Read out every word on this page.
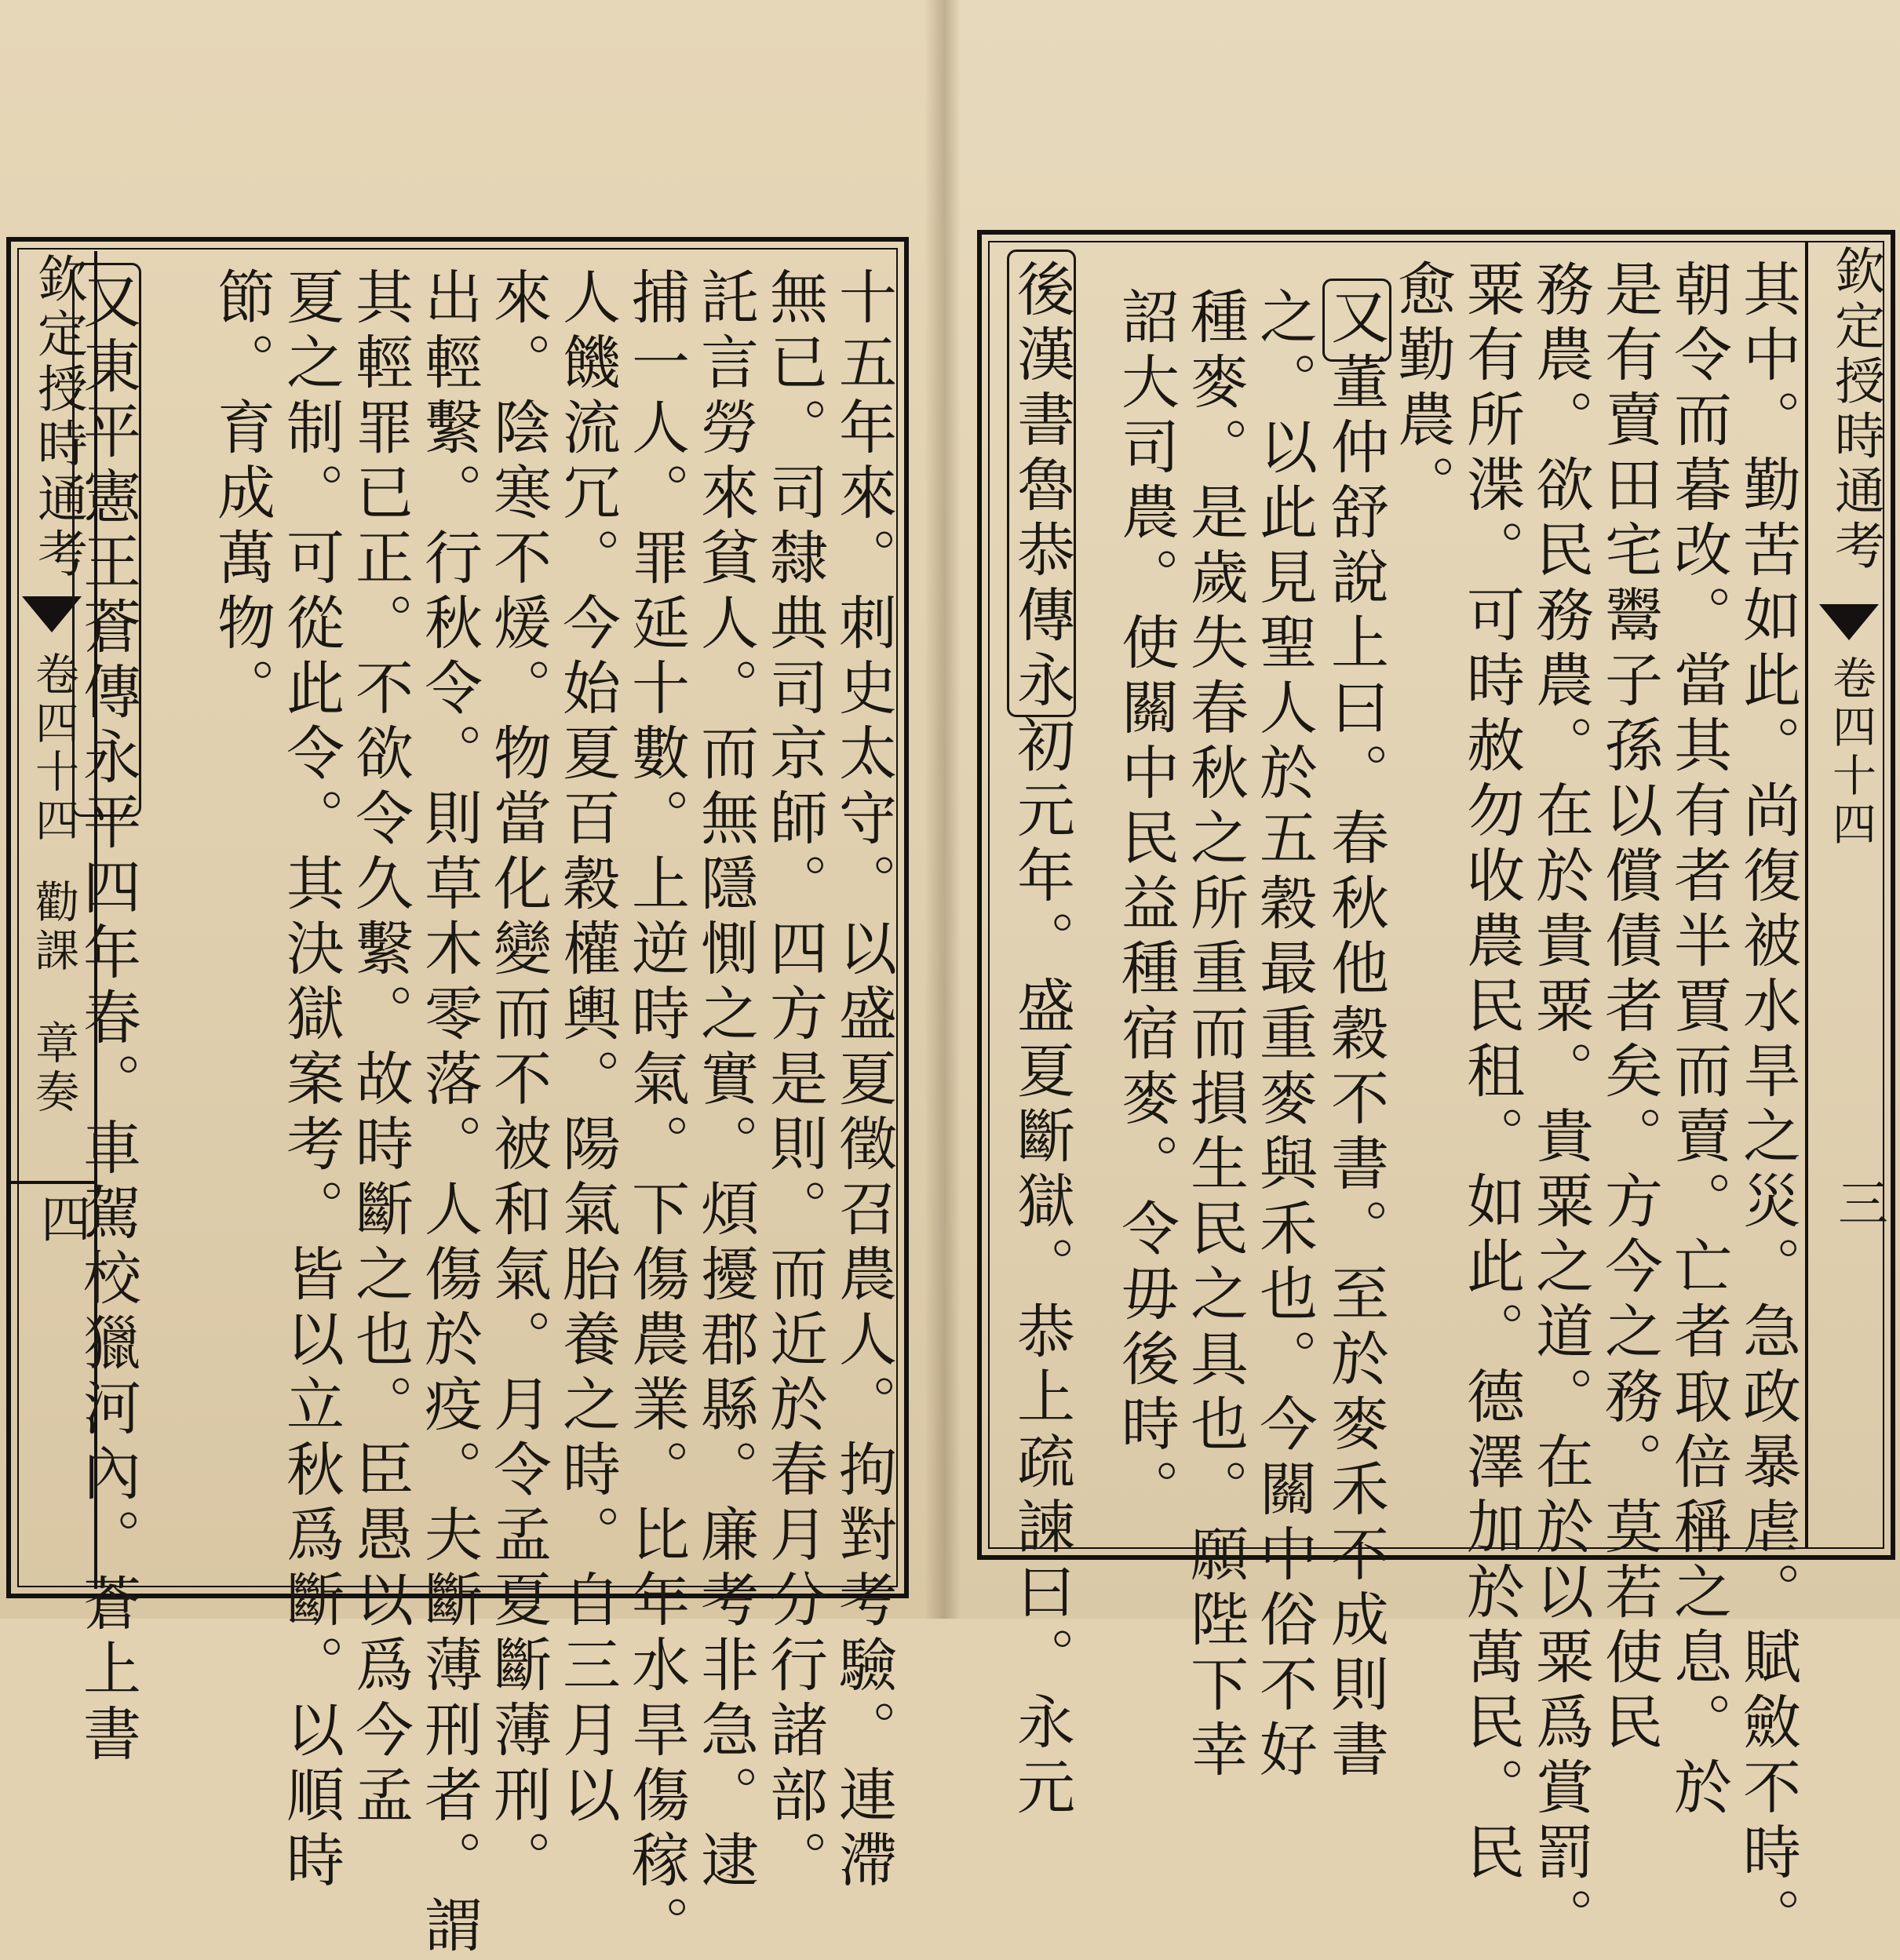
欽定授時通考
卷四十四
勸課
章奏
四
又東平憲王蒼傳永平四年春。車駕校獵河內。蒼上書	十五年來。刺史太守。以盛夏徵召農人。拘對考驗。連滯
無已。司隸典司京師。四方是則。而近於春月分行諸部。
託言勞來貧人。而無隱惻之實。煩擾郡縣。廉考非急。逮
捕一人。罪延十數。上逆時氣。下傷農業。比年水旱傷稼。
人饑流冗。今始夏百穀權輿。陽氣胎養之時。自三月以
來。陰寒不煖。物當化變而不被和氣。月令孟夏斷薄刑。
出輕繫。行秋令。則草木零落。人傷於疫。夫斷薄刑者。謂
其輕罪已正。不欲令久繫。故時斷之也。臣愚以爲今孟
夏之制。可從此令。其決獄案考。皆以立秋爲斷。以順時
節。育成萬物。	欽定授時通考
卷四十四
三
其中。勤苦如此。尚復被水旱之災。急政暴虐。賦斂不時。
朝令而暮改。當其有者半賈而賣。亡者取倍稱之息。於
是有賣田宅鬻子孫以償債者矣。方今之務。莫若使民
務農。欲民務農。在於貴粟。貴粟之道。在於以粟爲賞罰。
粟有所渫。可時赦勿收農民租。如此。德澤加於萬民。民
愈勤農。
又董仲舒說上曰。春秋他穀不書。至於麥禾不成則書
之。以此見聖人於五穀最重麥與禾也。今關中俗不好
種麥。是歲失春秋之所重而損生民之具也。願陛下幸
詔大司農。使關中民益種宿麥。令毋後時。
後漢書魯恭傳永初元年。盛夏斷獄。恭上疏諫曰。永元
